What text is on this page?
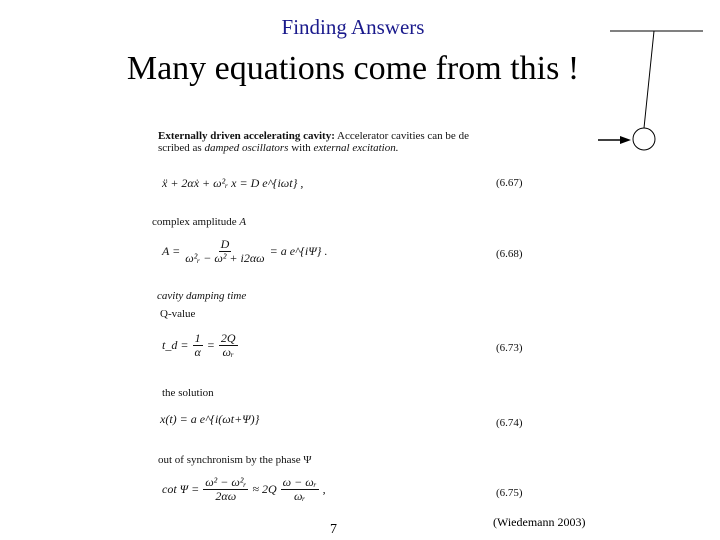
Finding Answers
Many equations come from this !
Externally driven accelerating cavity: Accelerator cavities can be de
scribed as damped oscillators with external excitation.
ẍ + 2αẋ + ω²ᵣ x = D e^{iωt} ,	(6.67)
complex amplitude A
$A = \frac{D}{\text{ω²ᵣ − ω² + i2αω}} = a$ e^{iΨ} .	(6.68)
cavity damping time
Q-value
t_d = $\frac{1}{\alpha} = \frac{2Q}{\text{ωᵣ}}$	(6.73)
the solution
x(t) = a e^{i(ωt+Ψ)}	(6.74)
out of synchronism by the phase Ψ
$\cot \Psi = \frac{\text{ω² − ω²ᵣ}}{2\alpha\omega} \approx 2Q \frac{\text{ω − ωᵣ}}{\text{ωᵣ}}$ ,	(6.75)
7	(Wiedemann 2003)
